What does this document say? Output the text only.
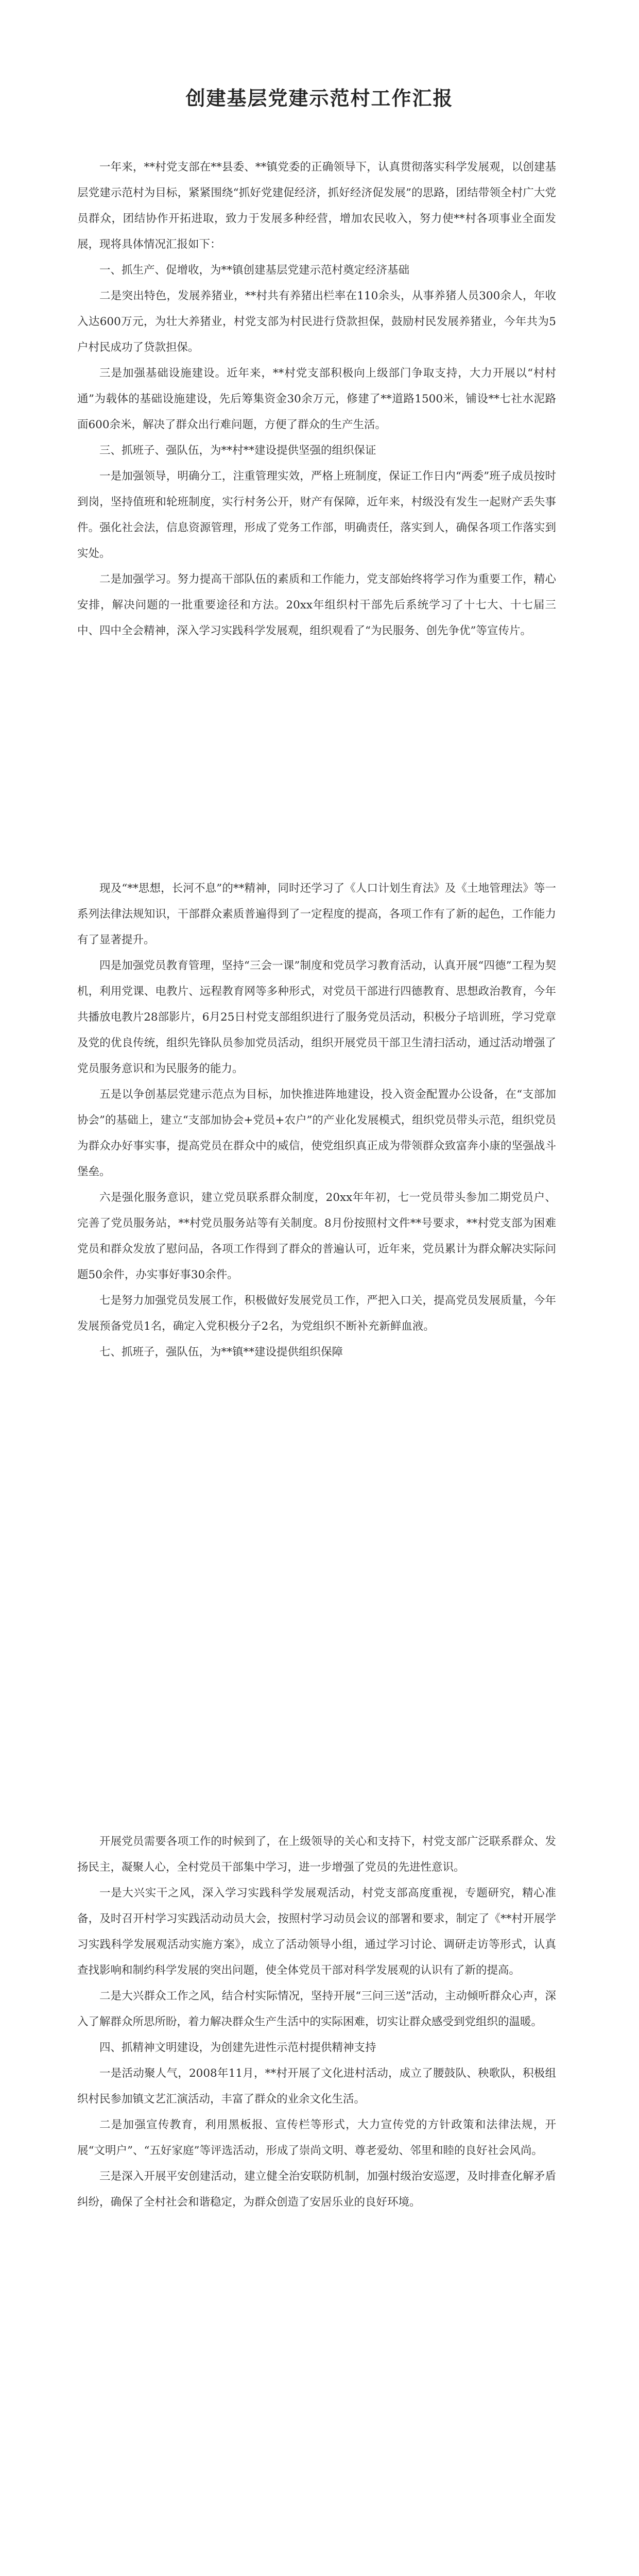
创建基层党建示范村工作汇报

一年来，**村党支部在**县委、**镇党委的正确领导下，认真贯彻落实科学发展观，以创建基层党建示范村为目标，紧紧围绕“抓好党建促经济，抓好经济促发展”的思路，团结带领全村广大党员群众，团结协作开拓进取，致力于发展多种经营，增加农民收入，努力使**村各项事业全面发展，现将具体情况汇报如下：

一、抓生产、促增收，为**镇创建基层党建示范村奠定经济基础

二是突出特色，发展养猪业，**村共有养猪出栏率在110余头，从事养猪人员300余人，年收入达600万元，为壮大养猪业，村党支部为村民进行贷款担保，鼓励村民发展养猪业，今年共为5户村民成功了贷款担保。

三是加强基础设施建设。近年来，**村党支部积极向上级部门争取支持，大力开展以“村村通”为载体的基础设施建设，先后筹集资金30余万元，修建了**道路1500米，铺设**七社水泥路面600余米，解决了群众出行难问题，方便了群众的生产生活。

三、抓班子、强队伍，为**村**建设提供坚强的组织保证

一是加强领导，明确分工，注重管理实效，严格上班制度，保证工作日内“两委”班子成员按时到岗，坚持值班和轮班制度，实行村务公开，财产有保障，近年来，村级没有发生一起财产丢失事件。强化社会法，信息资源管理，形成了党务工作部，明确责任，落实到人，确保各项工作落实到实处。

二是加强学习。努力提高干部队伍的素质和工作能力，党支部始终将学习作为重要工作，精心安排，解决问题的一批重要途径和方法。20xx年组织村干部先后系统学习了十七大、十七届三中、四中全会精神，深入学习实践科学发展观，组织观看了“为民服务、创先争优”等宣传片。

现及“**思想，长河不息”的**精神，同时还学习了《人口计划生育法》及《土地管理法》等一系列法律法规知识，干部群众素质普遍得到了一定程度的提高，各项工作有了新的起色，工作能力有了显著提升。

四是加强党员教育管理，坚持“三会一课”制度和党员学习教育活动，认真开展“四德”工程为契机，利用党课、电教片、远程教育网等多种形式，对党员干部进行四德教育、思想政治教育，今年共播放电教片28部影片，6月25日村党支部组织进行了服务党员活动，积极分子培训班，学习党章及党的优良传统，组织先锋队员参加党员活动，组织开展党员干部卫生清扫活动，通过活动增强了党员服务意识和为民服务的能力。

五是以争创基层党建示范点为目标，加快推进阵地建设，投入资金配置办公设备，在“支部加协会”的基础上，建立“支部加协会+党员+农户”的产业化发展模式，组织党员带头示范，组织党员为群众办好事实事，提高党员在群众中的威信，使党组织真正成为带领群众致富奔小康的坚强战斗堡垒。

六是强化服务意识，建立党员联系群众制度，20xx年年初，七一党员带头参加二期党员户、完善了党员服务站，**村党员服务站等有关制度。8月份按照村文件**号要求，**村党支部为困难党员和群众发放了慰问品，各项工作得到了群众的普遍认可，近年来，党员累计为群众解决实际问题50余件，办实事好事30余件。

七是努力加强党员发展工作，积极做好发展党员工作，严把入口关，提高党员发展质量，今年发展预备党员1名，确定入党积极分子2名，为党组织不断补充新鲜血液。

七、抓班子，强队伍，为**镇**建设提供组织保障

开展党员需要各项工作的时候到了，在上级领导的关心和支持下，村党支部广泛联系群众、发扬民主，凝聚人心，全村党员干部集中学习，进一步增强了党员的先进性意识。

一是大兴实干之风，深入学习实践科学发展观活动，村党支部高度重视，专题研究，精心准备，及时召开村学习实践活动动员大会，按照村学习动员会议的部署和要求，制定了《**村开展学习实践科学发展观活动实施方案》，成立了活动领导小组，通过学习讨论、调研走访等形式，认真查找影响和制约科学发展的突出问题，使全体党员干部对科学发展观的认识有了新的提高。

二是大兴群众工作之风，结合村实际情况，坚持开展“三问三送”活动，主动倾听群众心声，深入了解群众所思所盼，着力解决群众生产生活中的实际困难，切实让群众感受到党组织的温暖。

四、抓精神文明建设，为创建先进性示范村提供精神支持

一是活动聚人气，2008年11月，**村开展了文化进村活动，成立了腰鼓队、秧歌队，积极组织村民参加镇文艺汇演活动，丰富了群众的业余文化生活。

二是加强宣传教育，利用黑板报、宣传栏等形式，大力宣传党的方针政策和法律法规，开展“文明户”、“五好家庭”等评选活动，形成了崇尚文明、尊老爱幼、邻里和睦的良好社会风尚。

三是深入开展平安创建活动，建立健全治安联防机制，加强村级治安巡逻，及时排查化解矛盾纠纷，确保了全村社会和谐稳定，为群众创造了安居乐业的良好环境。
